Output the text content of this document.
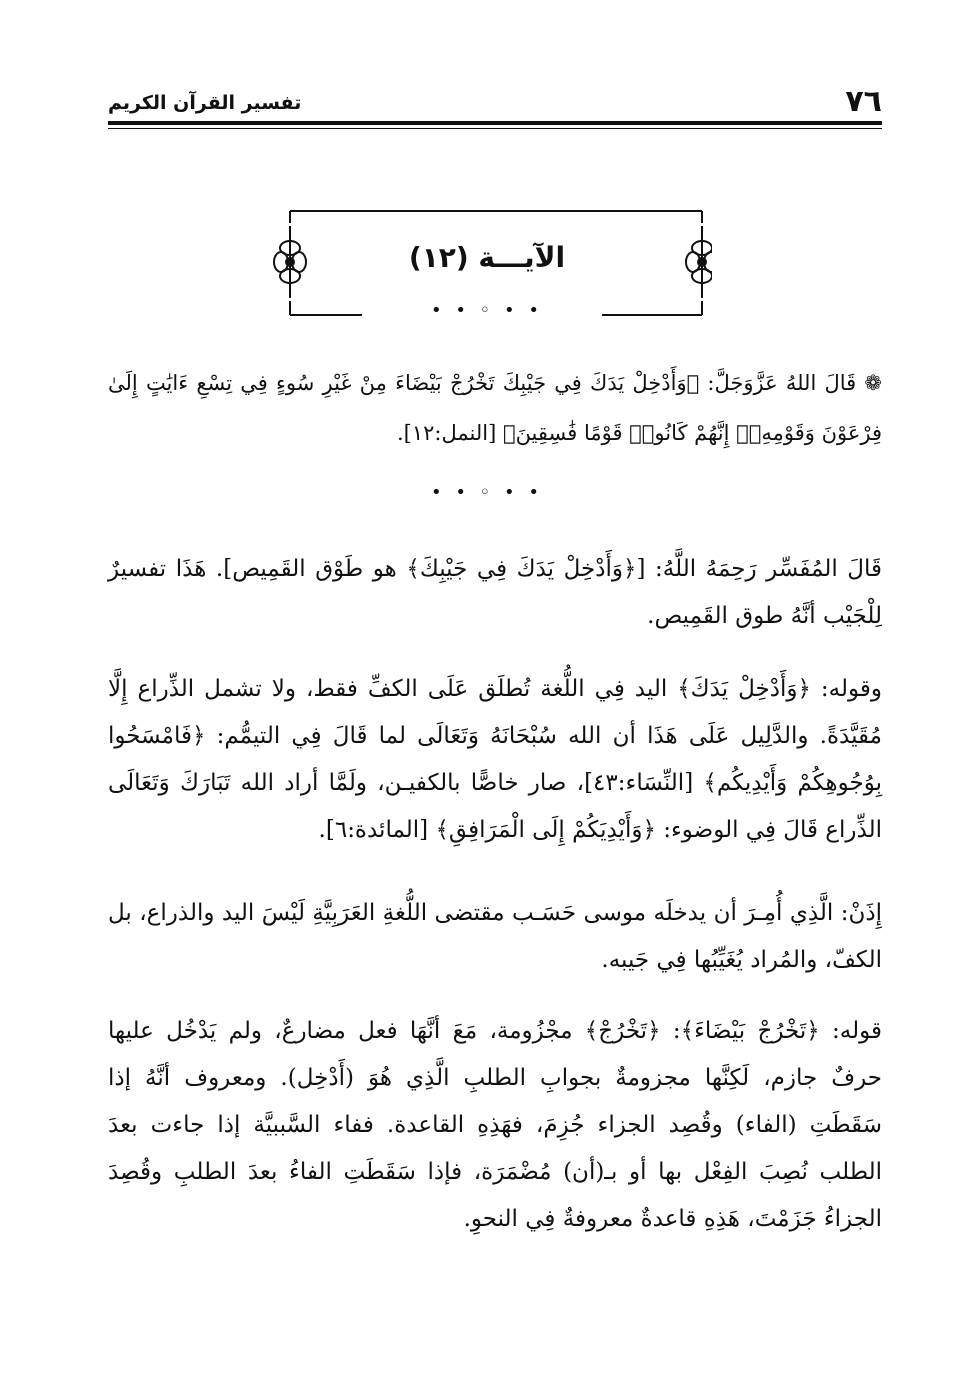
٧٦
تفسير القرآن الكريم
الآيـــة (١٢)
• • ◦ • •
❁ قَالَ اللهُ عَزَّوَجَلَّ: ﴿وَأَدْخِلْ يَدَكَ فِي جَيْبِكَ تَخْرُجْ بَيْضَاءَ مِنْ غَيْرِ سُوءٍ فِي تِسْعِ ءَايَٰتٍ إِلَىٰ فِرْعَوْنَ وَقَوْمِهِۦٓ إِنَّهُمْ كَانُوا۟ قَوْمًا فَٰسِقِينَ﴾ [النمل:١٢].
• • ◦ • •
قَالَ المُفَسِّر رَحِمَهُ اللَّهُ: [﴿وَأَدْخِلْ يَدَكَ فِي جَيْبِكَ﴾ هو طَوْق القَمِيص]. هَذَا تفسيرٌ لِلْجَيْب أنَّهُ طوق القَمِيص.
وقوله: ﴿وَأَدْخِلْ يَدَكَ﴾ اليد فِي اللُّغة تُطلَق عَلَى الكفِّ فقط، ولا تشمل الذِّراع إِلَّا مُقَيَّدَةً. والدَّلِيل عَلَى هَذَا أن الله سُبْحَانَهُ وَتَعَالَى لما قَالَ فِي التيمُّم: ﴿فَامْسَحُوا بِوُجُوهِكُمْ وَأَيْدِيكُم﴾ [النِّسَاء:٤٣]، صار خاصًّا بالكفيـن، ولَمَّا أراد الله تَبَارَكَ وَتَعَالَى الذِّراع قَالَ فِي الوضوء: ﴿وَأَيْدِيَكُمْ إِلَى الْمَرَافِقِ﴾ [المائدة:٦].
إِذَنْ: الَّذِي أُمِـرَ أن يدخلَه موسى حَسَـب مقتضى اللُّغةِ العَرَبِيَّةِ لَيْسَ اليد والذراع، بل الكفّ، والمُراد يُغَيِّبُها فِي جَيبه.
قوله: ﴿تَخْرُجْ بَيْضَاءَ﴾: ﴿تَخْرُجْ﴾ مجْزُومة، مَعَ أنَّهَا فعل مضارعٌ، ولم يَدْخُل عليها حرفٌ جازم، لَكِنَّها مجزومةٌ بجوابِ الطلبِ الَّذِي هُوَ (أَدْخِل). ومعروف أنَّهُ إذا سَقَطَتِ (الفاء) وقُصِد الجزاء جُزِمَ، فهَذِهِ القاعدة. ففاء السَّببيَّة إذا جاءت بعدَ الطلب نُصِبَ الفِعْل بها أو بـ(أن) مُضْمَرَة، فإذا سَقَطَتِ الفاءُ بعدَ الطلبِ وقُصِدَ الجزاءُ جَزَمْتَ، هَذِهِ قاعدةٌ معروفةٌ فِي النحوِ.
